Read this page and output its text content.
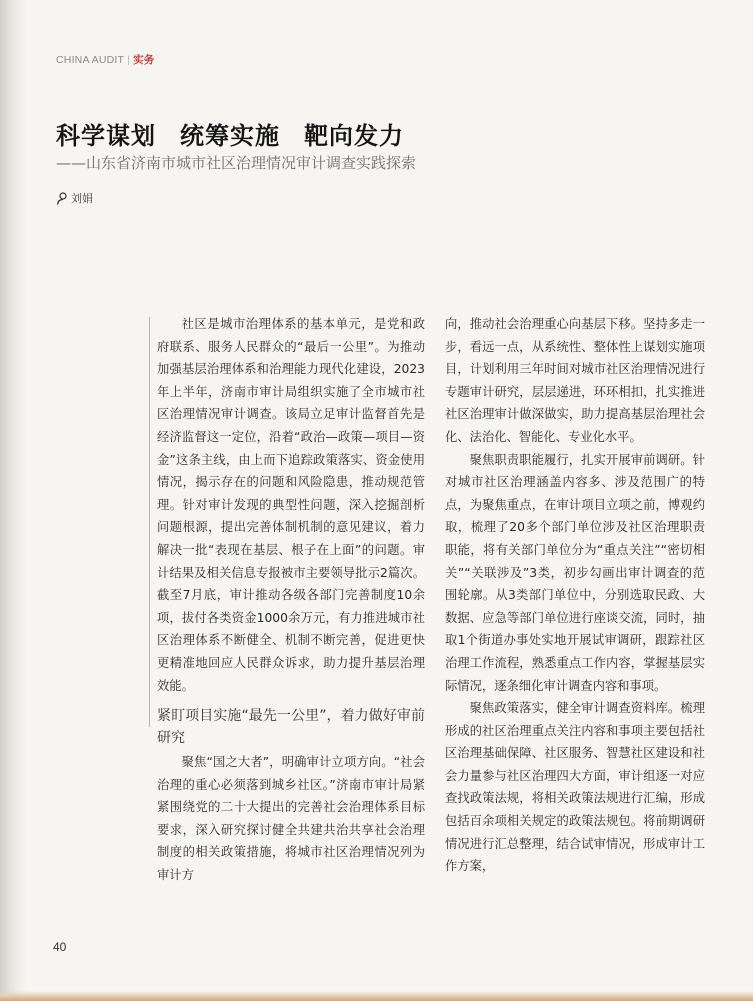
CHINA AUDIT | 实务
科学谋划 统筹实施 靶向发力
——山东省济南市城市社区治理情况审计调查实践探索
刘娟

社区是城市治理体系的基本单元，是党和政府联系、服务人民群众的“最后一公里”。为推动加强基层治理体系和治理能力现代化建设，2023年上半年，济南市审计局组织实施了全市城市社区治理情况审计调查。该局立足审计监督首先是经济监督这一定位，沿着“政治—政策—项目—资金”这条主线，由上而下追踪政策落实、资金使用情况，揭示存在的问题和风险隐患，推动规范管理。针对审计发现的典型性问题，深入挖掘剖析问题根源，提出完善体制机制的意见建议，着力解决一批“表现在基层、根子在上面”的问题。审计结果及相关信息专报被市主要领导批示2篇次。截至7月底，审计推动各级各部门完善制度10余项，拔付各类资金1000余万元，有力推进城市社区治理体系不断健全、机制不断完善，促进更快更精准地回应人民群众诉求，助力提升基层治理效能。

紧盯项目实施“最先一公里”，着力做好审前研究

聚焦“国之大者”，明确审计立项方向。“社会治理的重心必须落到城乡社区。”济南市审计局紧紧围绕党的二十大提出的完善社会治理体系目标要求，深入研究探讨健全共建共治共享社会治理制度的相关政策措施，将城市社区治理情况列为审计方

向，推动社会治理重心向基层下移。坚持多走一步，看远一点，从系统性、整体性上谋划实施项目，计划利用三年时间对城市社区治理情况进行专题审计研究，层层递进，环环相扣，扎实推进社区治理审计做深做实，助力提高基层治理社会化、法治化、智能化、专业化水平。

聚焦职责职能履行，扎实开展审前调研。针对城市社区治理涵盖内容多、涉及范围广的特点，为聚焦重点，在审计项目立项之前，博观约取，梳理了20多个部门单位涉及社区治理职责职能，将有关部门单位分为“重点关注”“密切相关”“关联涉及”3类，初步勾画出审计调查的范围轮廓。从3类部门单位中，分别选取民政、大数据、应急等部门单位进行座谈交流，同时，抽取1个街道办事处实地开展试审调研，跟踪社区治理工作流程，熟悉重点工作内容，掌握基层实际情况，逐条细化审计调查内容和事项。

聚焦政策落实，健全审计调查资料库。梳理形成的社区治理重点关注内容和事项主要包括社区治理基础保障、社区服务、智慧社区建设和社会力量参与社区治理四大方面，审计组逐一对应查找政策法规，将相关政策法规进行汇编，形成包括百余项相关规定的政策法规包。将前期调研情况进行汇总整理，结合试审情况，形成审计工作方案，

40
